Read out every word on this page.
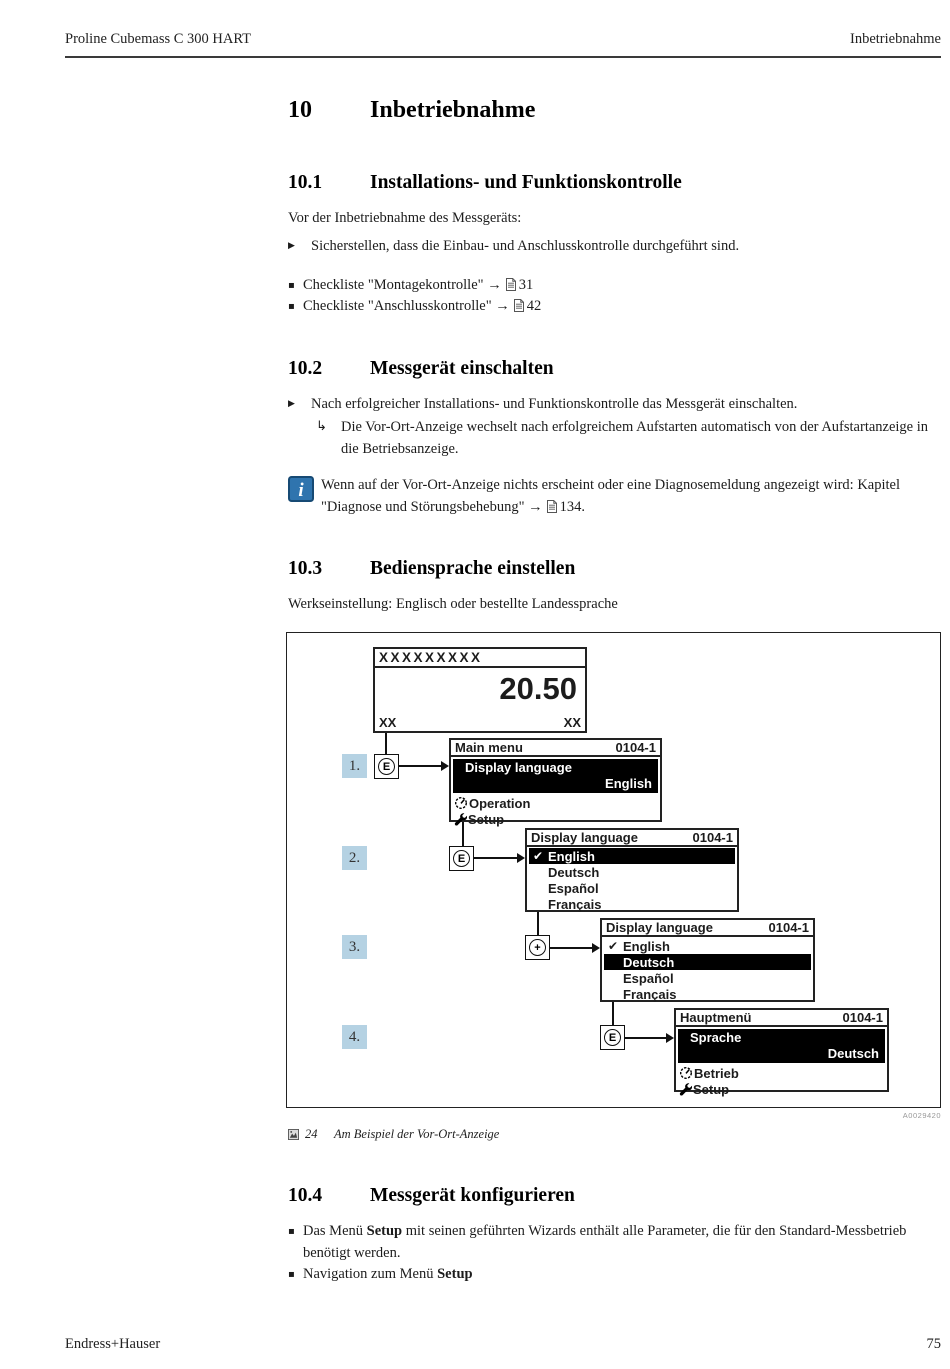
Proline Cubemass C 300 HART	Inbetriebnahme
10	Inbetriebnahme
10.1	Installations- und Funktionskontrolle

Vor der Inbetriebnahme des Messgeräts:

▶ Sicherstellen, dass die Einbau- und Anschlusskontrolle durchgeführt sind.
▪ Checkliste "Montagekontrolle" → 31
▪ Checkliste "Anschlusskontrolle" → 42
10.2	Messgerät einschalten
▶ Nach erfolgreicher Installations- und Funktionskontrolle das Messgerät einschalten.
↳ Die Vor-Ort-Anzeige wechselt nach erfolgreichem Aufstarten automatisch von der Aufstartanzeige in die Betriebsanzeige.
i Wenn auf der Vor-Ort-Anzeige nichts erscheint oder eine Diagnosemeldung angezeigt wird: Kapitel "Diagnose und Störungsbehebung" → 134.
10.3	Bediensprache einstellen

Werkseinstellung: Englisch oder bestellte Landessprache

XXXXXXXXX
20.50
XX	XX
1.
2.
3.
4.
E
E
+
E
Main menu	0104-1
Display language
English
Operation
Setup
Display language	0104-1
✔ English
Deutsch
Español
Français
Display language	0104-1
✔ English
Deutsch
Español
Français
Hauptmenü	0104-1
Sprache
Deutsch
Betrieb
Setup
A0029420
24	Am Beispiel der Vor-Ort-Anzeige
10.4	Messgerät konfigurieren
▪ Das Menü Setup mit seinen geführten Wizards enthält alle Parameter, die für den Standard-Messbetrieb benötigt werden.
▪ Navigation zum Menü Setup
Endress+Hauser	75
